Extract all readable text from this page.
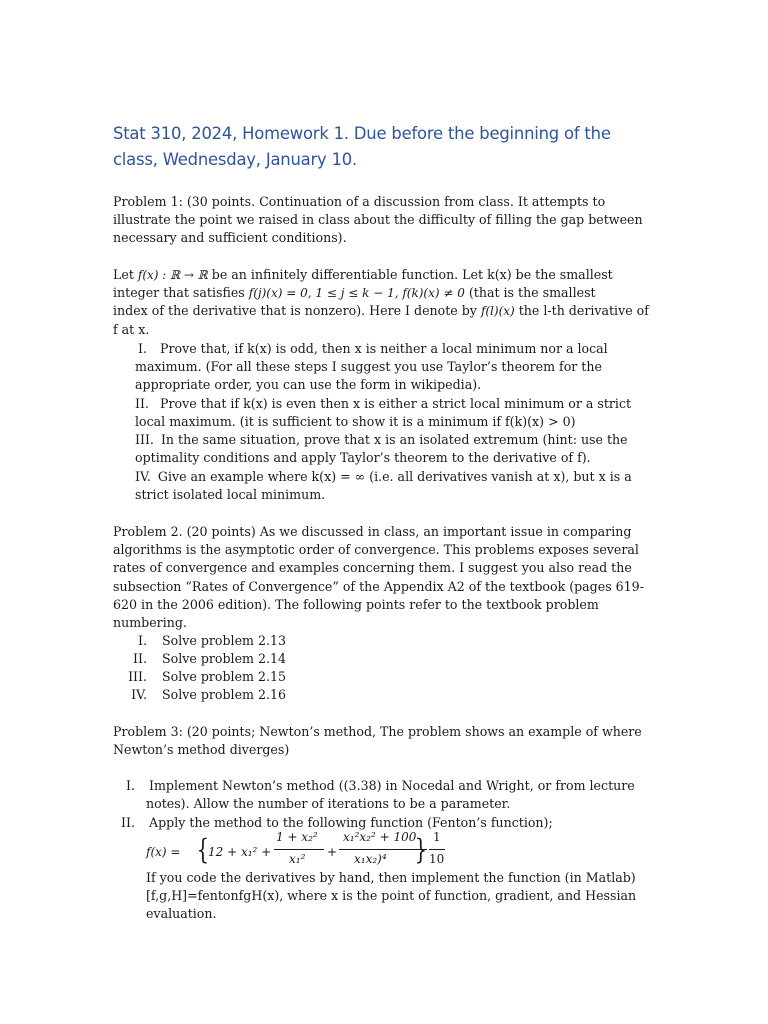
Stat 310, 2024, Homework 1. Due before the beginning of the
class, Wednesday, January 10.
Problem 1: (30 points. Continuation of a discussion from class. It attempts to
illustrate the point we raised in class about the difficulty of filling the gap between
necessary and sufficient conditions).
Let f(x) : ℝ → ℝ be an infinitely differentiable function. Let k(x) be the smallest
integer that satisfies f(j)(x) = 0, 1 ≤ j ≤ k − 1, f(k)(x) ≠ 0 (that is the smallest
index of the derivative that is nonzero). Here I denote by f(l)(x) the l-th derivative of
f at x.
I. Prove that, if k(x) is odd, then x is neither a local minimum nor a local
maximum. (For all these steps I suggest you use Taylor’s theorem for the
appropriate order, you can use the form in wikipedia).
II. Prove that if k(x) is even then x is either a strict local minimum or a strict
local maximum. (it is sufficient to show it is a minimum if f(k)(x) > 0)
III. In the same situation, prove that x is an isolated extremum (hint: use the
optimality conditions and apply Taylor’s theorem to the derivative of f).
IV. Give an example where k(x) = ∞ (i.e. all derivatives vanish at x), but x is a
strict isolated local minimum.
Problem 2. (20 points) As we discussed in class, an important issue in comparing
algorithms is the asymptotic order of convergence. This problems exposes several
rates of convergence and examples concerning them. I suggest you also read the
subsection “Rates of Convergence” of the Appendix A2 of the textbook (pages 619-
620 in the 2006 edition). The following points refer to the textbook problem
numbering.
I. Solve problem 2.13
II. Solve problem 2.14
III. Solve problem 2.15
IV. Solve problem 2.16
Problem 3: (20 points; Newton’s method, The problem shows an example of where
Newton’s method diverges)
I. Implement Newton’s method ((3.38) in Nocedal and Wright, or from lecture
notes). Allow the number of iterations to be a parameter.
II. Apply the method to the following function (Fenton’s function);
f(x) = {
12 + x₁² +
1 + x₂²
x₁² +
x₁²x₂² + 100
x₁x₂)⁴ } 1
10
If you code the derivatives by hand, then implement the function (in Matlab)
[f,g,H]=fentonfgH(x), where x is the point of function, gradient, and Hessian
evaluation.
